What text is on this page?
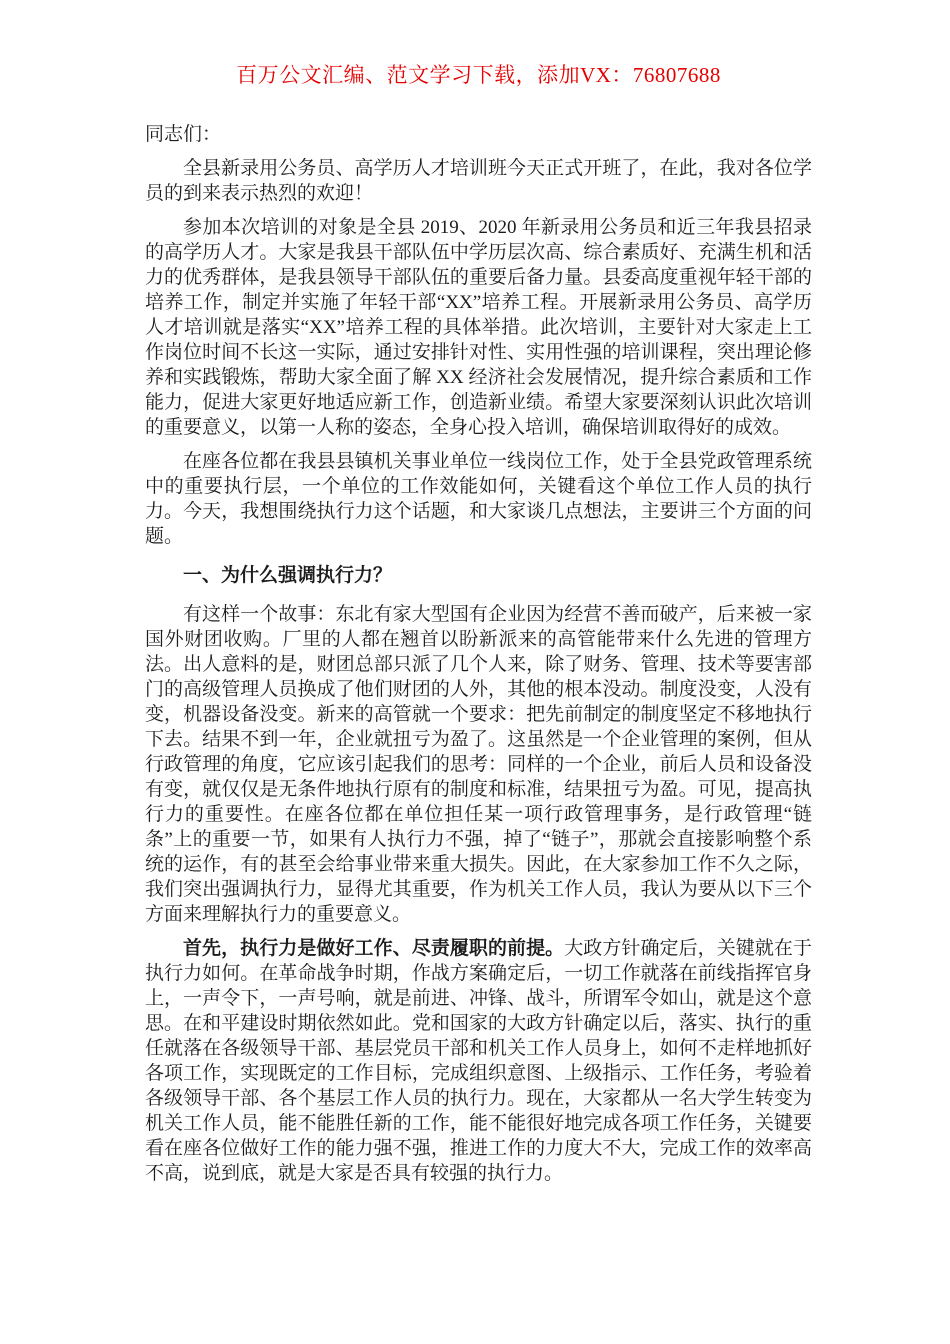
百万公文汇编、范文学习下载，添加VX：76807688

同志们：

全县新录用公务员、高学历人才培训班今天正式开班了，在此，我对各位学员的到来表示热烈的欢迎！

参加本次培训的对象是全县 2019、2020 年新录用公务员和近三年我县招录的高学历人才。大家是我县干部队伍中学历层次高、综合素质好、充满生机和活力的优秀群体，是我县领导干部队伍的重要后备力量。县委高度重视年轻干部的培养工作，制定并实施了年轻干部“XX”培养工程。开展新录用公务员、高学历人才培训就是落实“XX”培养工程的具体举措。此次培训，主要针对大家走上工作岗位时间不长这一实际，通过安排针对性、实用性强的培训课程，突出理论修养和实践锻炼，帮助大家全面了解 XX 经济社会发展情况，提升综合素质和工作能力，促进大家更好地适应新工作，创造新业绩。希望大家要深刻认识此次培训的重要意义，以第一人称的姿态，全身心投入培训，确保培训取得好的成效。

在座各位都在我县县镇机关事业单位一线岗位工作，处于全县党政管理系统中的重要执行层，一个单位的工作效能如何，关键看这个单位工作人员的执行力。今天，我想围绕执行力这个话题，和大家谈几点想法，主要讲三个方面的问题。

一、为什么强调执行力？

有这样一个故事：东北有家大型国有企业因为经营不善而破产，后来被一家国外财团收购。厂里的人都在翘首以盼新派来的高管能带来什么先进的管理方法。出人意料的是，财团总部只派了几个人来，除了财务、管理、技术等要害部门的高级管理人员换成了他们财团的人外，其他的根本没动。制度没变，人没有变，机器设备没变。新来的高管就一个要求：把先前制定的制度坚定不移地执行下去。结果不到一年，企业就扭亏为盈了。这虽然是一个企业管理的案例，但从行政管理的角度，它应该引起我们的思考：同样的一个企业，前后人员和设备没有变，就仅仅是无条件地执行原有的制度和标准，结果扭亏为盈。可见，提高执行力的重要性。在座各位都在单位担任某一项行政管理事务，是行政管理“链条”上的重要一节，如果有人执行力不强，掉了“链子”，那就会直接影响整个系统的运作，有的甚至会给事业带来重大损失。因此，在大家参加工作不久之际，我们突出强调执行力，显得尤其重要，作为机关工作人员，我认为要从以下三个方面来理解执行力的重要意义。

首先，执行力是做好工作、尽责履职的前提。大政方针确定后，关键就在于执行力如何。在革命战争时期，作战方案确定后，一切工作就落在前线指挥官身上，一声令下，一声号响，就是前进、冲锋、战斗，所谓军令如山，就是这个意思。在和平建设时期依然如此。党和国家的大政方针确定以后，落实、执行的重任就落在各级领导干部、基层党员干部和机关工作人员身上，如何不走样地抓好各项工作，实现既定的工作目标，完成组织意图、上级指示、工作任务，考验着各级领导干部、各个基层工作人员的执行力。现在，大家都从一名大学生转变为机关工作人员，能不能胜任新的工作，能不能很好地完成各项工作任务，关键要看在座各位做好工作的能力强不强，推进工作的力度大不大，完成工作的效率高不高，说到底，就是大家是否具有较强的执行力。
